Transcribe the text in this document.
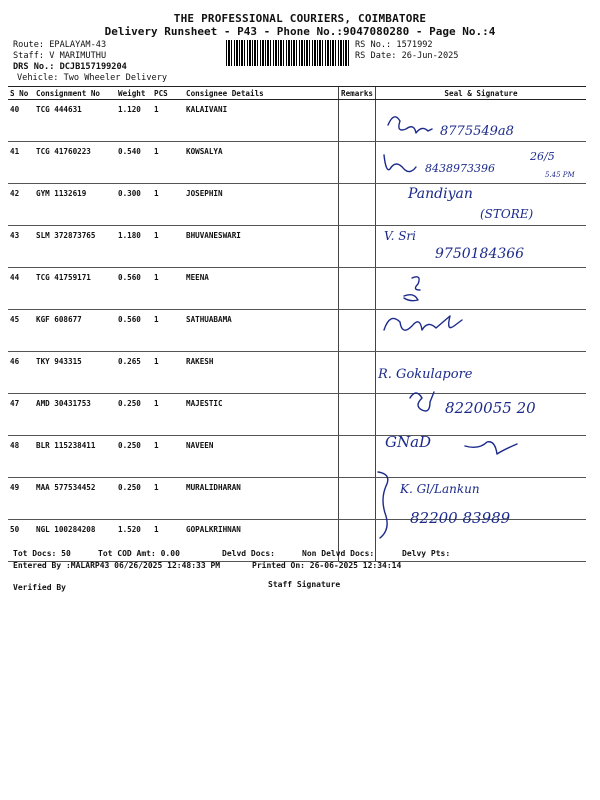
THE PROFESSIONAL COURIERS, COIMBATORE
Delivery Runsheet - P43 - Phone No.:9047080280 - Page No.:4
Route: EPALAYAM-43
Staff: V MARIMUTHU
DRS No.: DCJB157199204
Vehicle: Two Wheeler Delivery
RS No.: 1571992
RS Date: 26-Jun-2025
S No	Consignment No	Weight	PCS	Consignee Details	Remarks	Seal & Signature
40	TCG 444631	1.120	1	KALAIVANI		
41	TCG 41760223	0.540	1	KOWSALYA		
42	GYM 1132619	0.300	1	JOSEPHIN		
43	SLM 372873765	1.180	1	BHUVANESWARI		
44	TCG 41759171	0.560	1	MEENA		
45	KGF 608677	0.560	1	SATHUABAMA		
46	TKY 943315	0.265	1	RAKESH		
47	AMD 30431753	0.250	1	MAJESTIC		
48	BLR 115238411	0.250	1	NAVEEN		
49	MAA 577534452	0.250	1	MURALIDHARAN		
50	NGL 100284208	1.520	1	GOPALKRIHNAN		
Tot Docs: 50	Tot COD Amt: 0.00	Delvd Docs:	Non Delvd Docs:	Delvy Pts:
Entered By :MALARP43 06/26/2025 12:48:33 PM	Printed On: 26-06-2025 12:34:14
Verified By	Staff Signature
8775549a8
8438973396
26/5
5.45 PM
Pandiyan
(STORE)
V. Sri
9750184366
R. Gokulapore
8220055 20
GNaD
K. Gl/Lankun
82200 83989
